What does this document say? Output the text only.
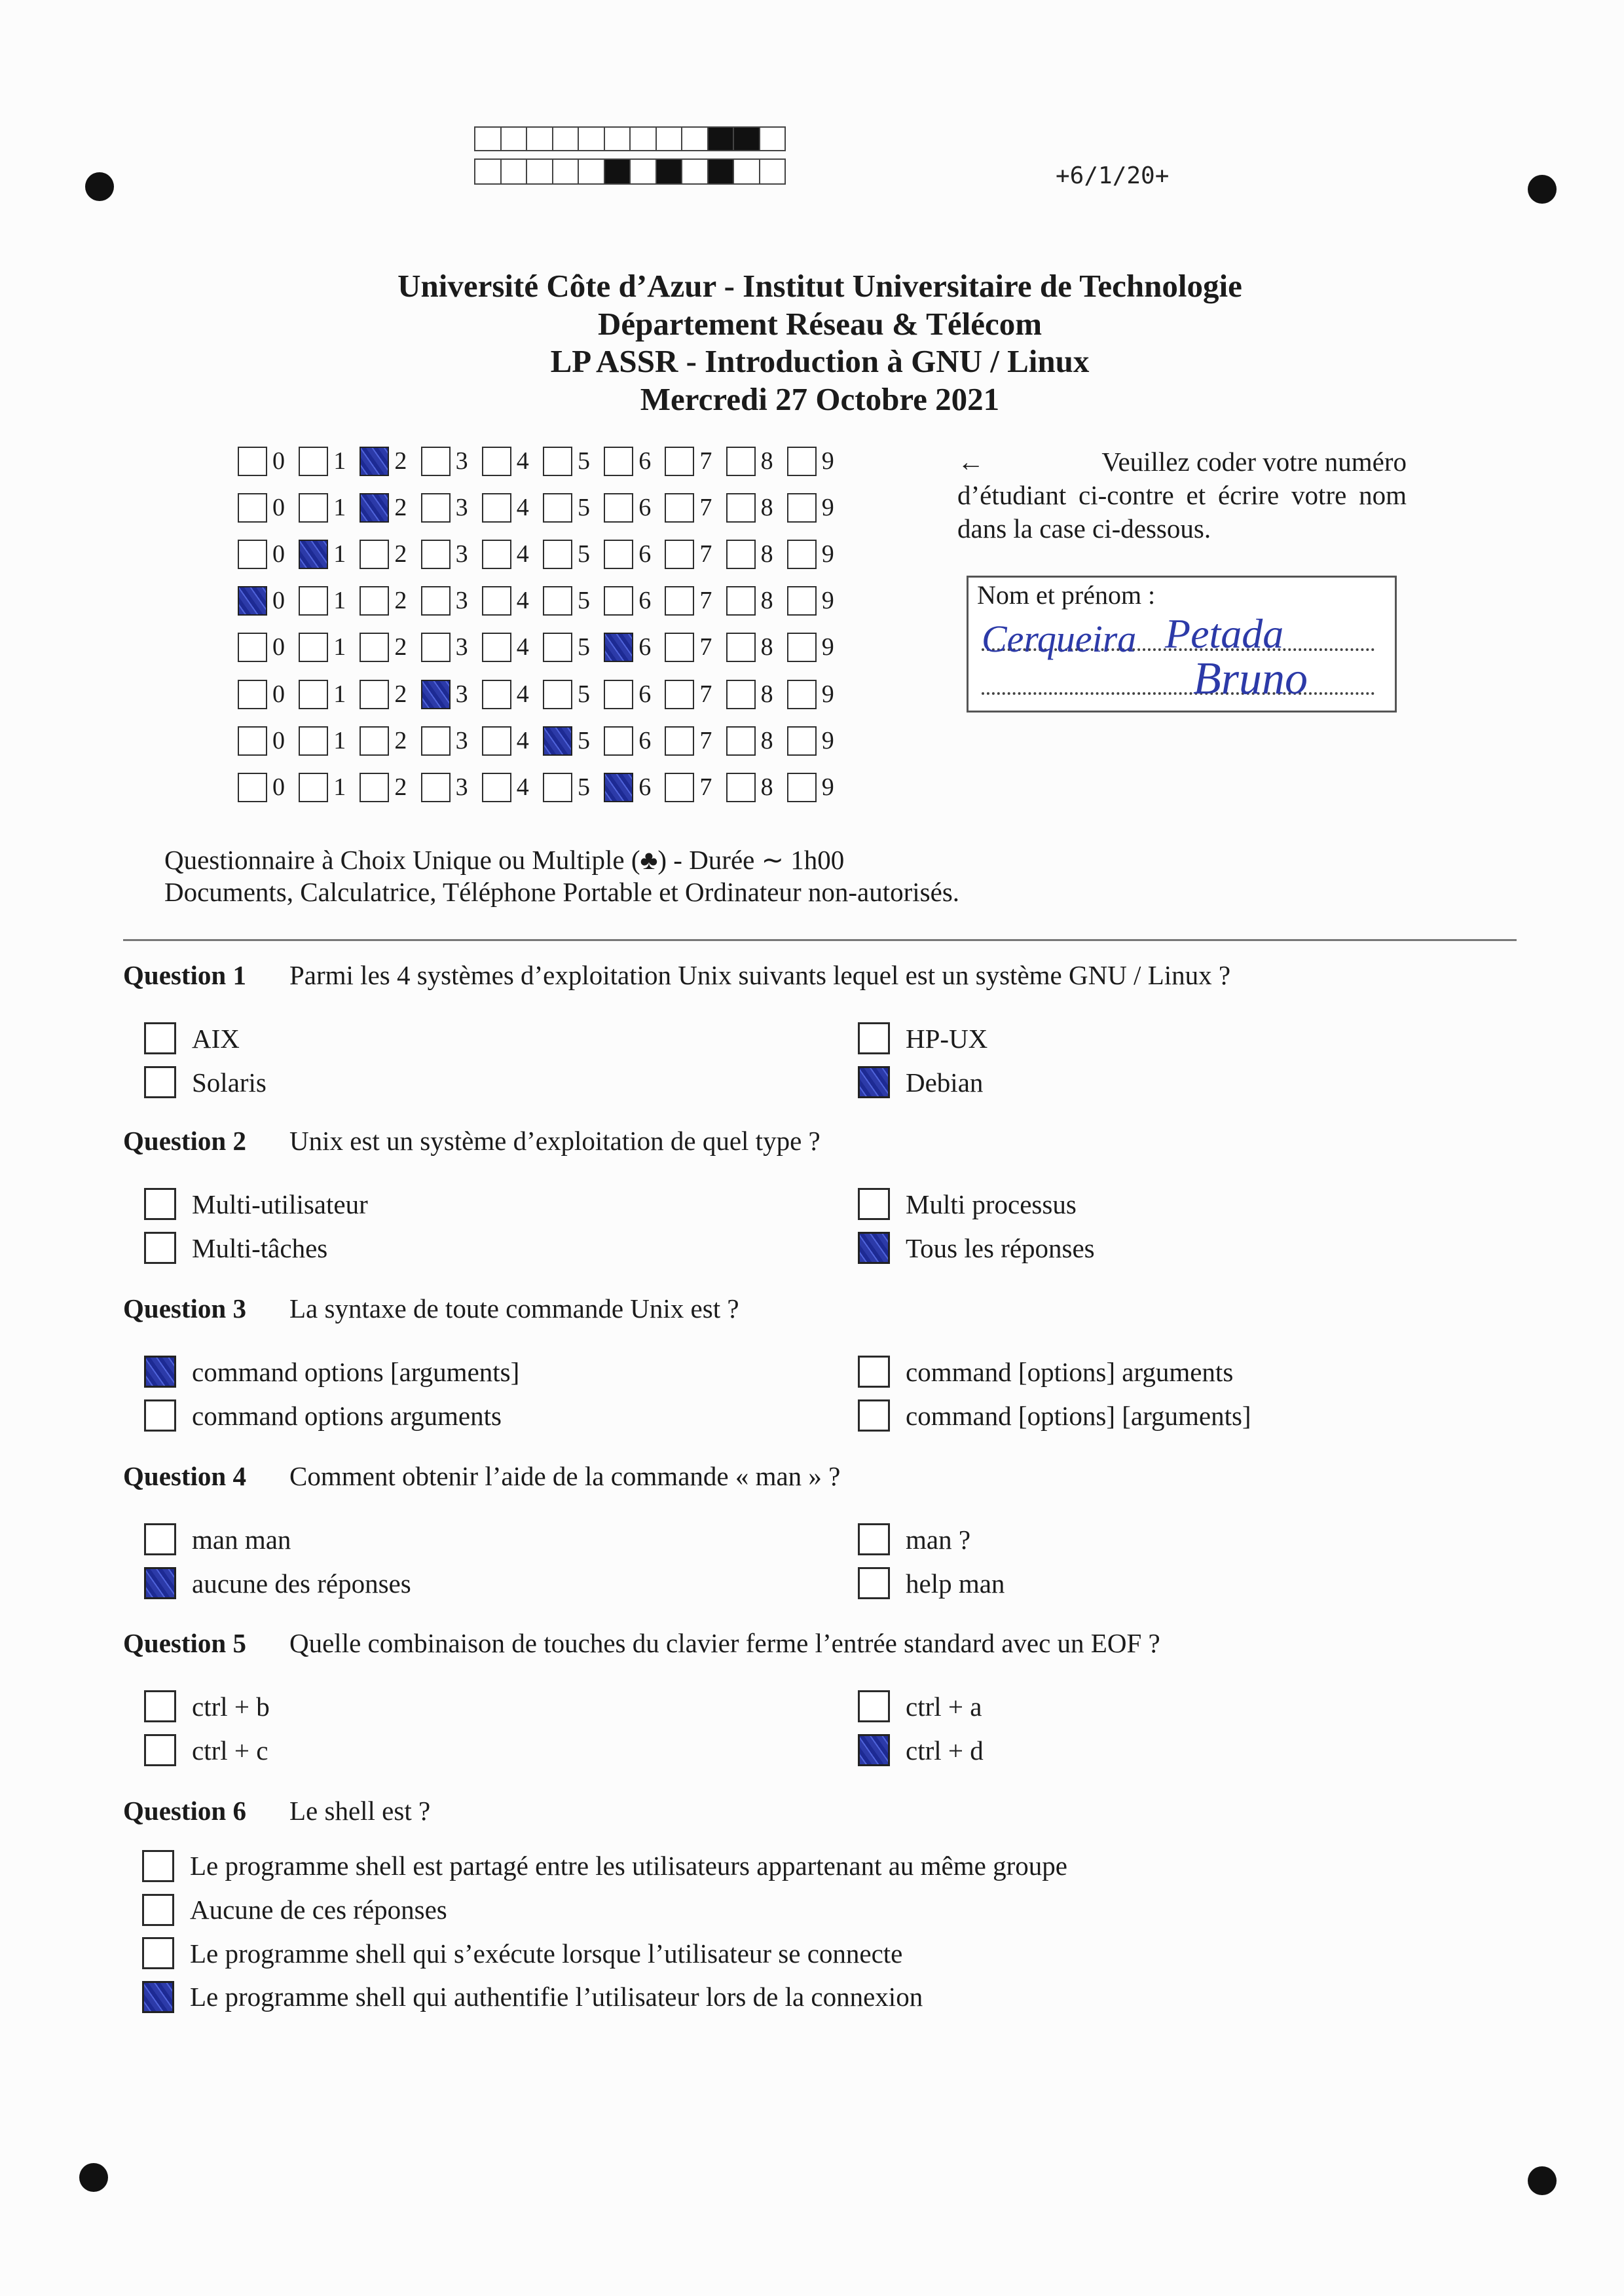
+6/1/20+
Université Côte d’Azur - Institut Universitaire de Technologie
Département Réseau & Télécom
LP ASSR - Introduction à GNU / Linux
Mercredi 27 Octobre 2021
0 1 2 3 4 5 6 7 8 9
0 1 2 3 4 5 6 7 8 9
0 1 2 3 4 5 6 7 8 9
0 1 2 3 4 5 6 7 8 9
0 1 2 3 4 5 6 7 8 9
0 1 2 3 4 5 6 7 8 9
0 1 2 3 4 5 6 7 8 9
0 1 2 3 4 5 6 7 8 9
←	Veuillez coder votre numéro
d’étudiant ci-contre et écrire votre nom
dans la case ci-dessous.
Nom et prénom :
Cerqueira Petada
Bruno
Questionnaire à Choix Unique ou Multiple (♣) - Durée ∼ 1h00
Documents, Calculatrice, Téléphone Portable et Ordinateur non-autorisés.
Question 1 Parmi les 4 systèmes d’exploitation Unix suivants lequel est un système GNU / Linux ?
AIX
Solaris
HP-UX
Debian
Question 2 Unix est un système d’exploitation de quel type ?
Multi-utilisateur
Multi-tâches
Multi processus
Tous les réponses
Question 3 La syntaxe de toute commande Unix est ?
command options [arguments]
command options arguments
command [options] arguments
command [options] [arguments]
Question 4 Comment obtenir l’aide de la commande « man » ?
man man
aucune des réponses
man ?
help man
Question 5 Quelle combinaison de touches du clavier ferme l’entrée standard avec un EOF ?
ctrl + b
ctrl + c
ctrl + a
ctrl + d
Question 6 Le shell est ?
Le programme shell est partagé entre les utilisateurs appartenant au même groupe
Aucune de ces réponses
Le programme shell qui s’exécute lorsque l’utilisateur se connecte
Le programme shell qui authentifie l’utilisateur lors de la connexion
